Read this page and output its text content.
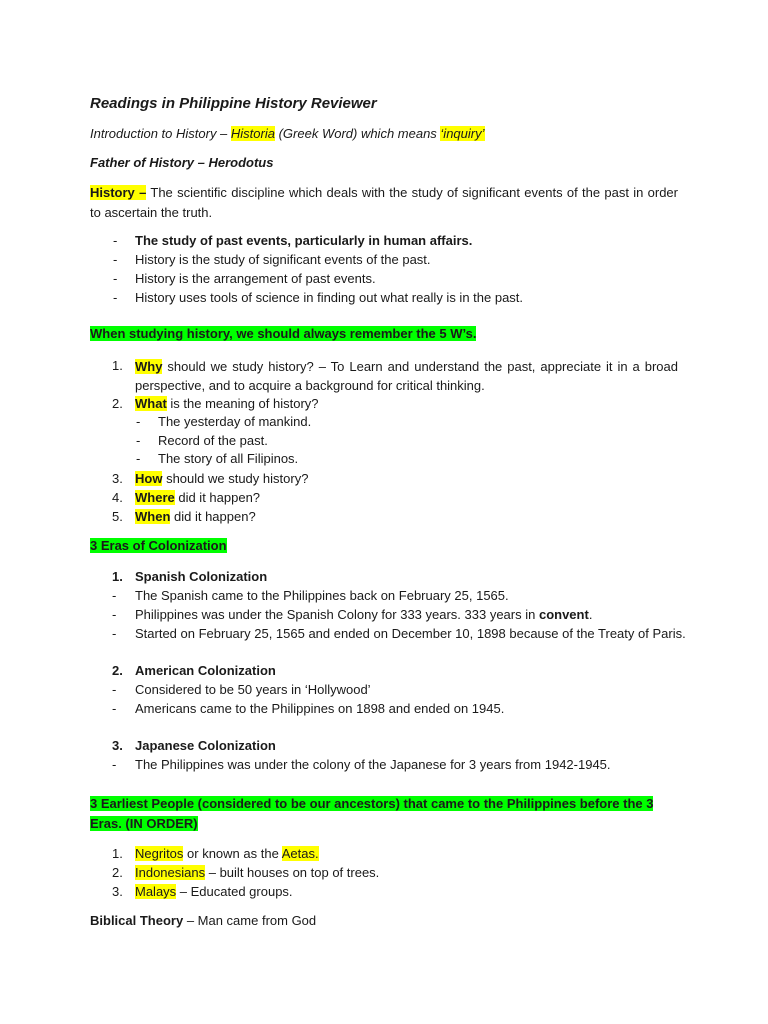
Readings in Philippine History Reviewer
Introduction to History – Historia (Greek Word) which means ‘inquiry’
Father of History – Herodotus
History – The scientific discipline which deals with the study of significant events of the past in order to ascertain the truth.
- The study of past events, particularly in human affairs.
- History is the study of significant events of the past.
- History is the arrangement of past events.
- History uses tools of science in finding out what really is in the past.
When studying history, we should always remember the 5 W’s.
1. Why should we study history? – To Learn and understand the past, appreciate it in a broad perspective, and to acquire a background for critical thinking.
2. What is the meaning of history?
- The yesterday of mankind.
- Record of the past.
- The story of all Filipinos.
3. How should we study history?
4. Where did it happen?
5. When did it happen?
3 Eras of Colonization
1. Spanish Colonization
- The Spanish came to the Philippines back on February 25, 1565.
- Philippines was under the Spanish Colony for 333 years. 333 years in convent.
- Started on February 25, 1565 and ended on December 10, 1898 because of the Treaty of Paris.
2. American Colonization
- Considered to be 50 years in ‘Hollywood’
- Americans came to the Philippines on 1898 and ended on 1945.
3. Japanese Colonization
- The Philippines was under the colony of the Japanese for 3 years from 1942-1945.
3 Earliest People (considered to be our ancestors) that came to the Philippines before the 3 Eras. (IN ORDER)
1. Negritos or known as the Aetas.
2. Indonesians – built houses on top of trees.
3. Malays – Educated groups.
Biblical Theory – Man came from God
